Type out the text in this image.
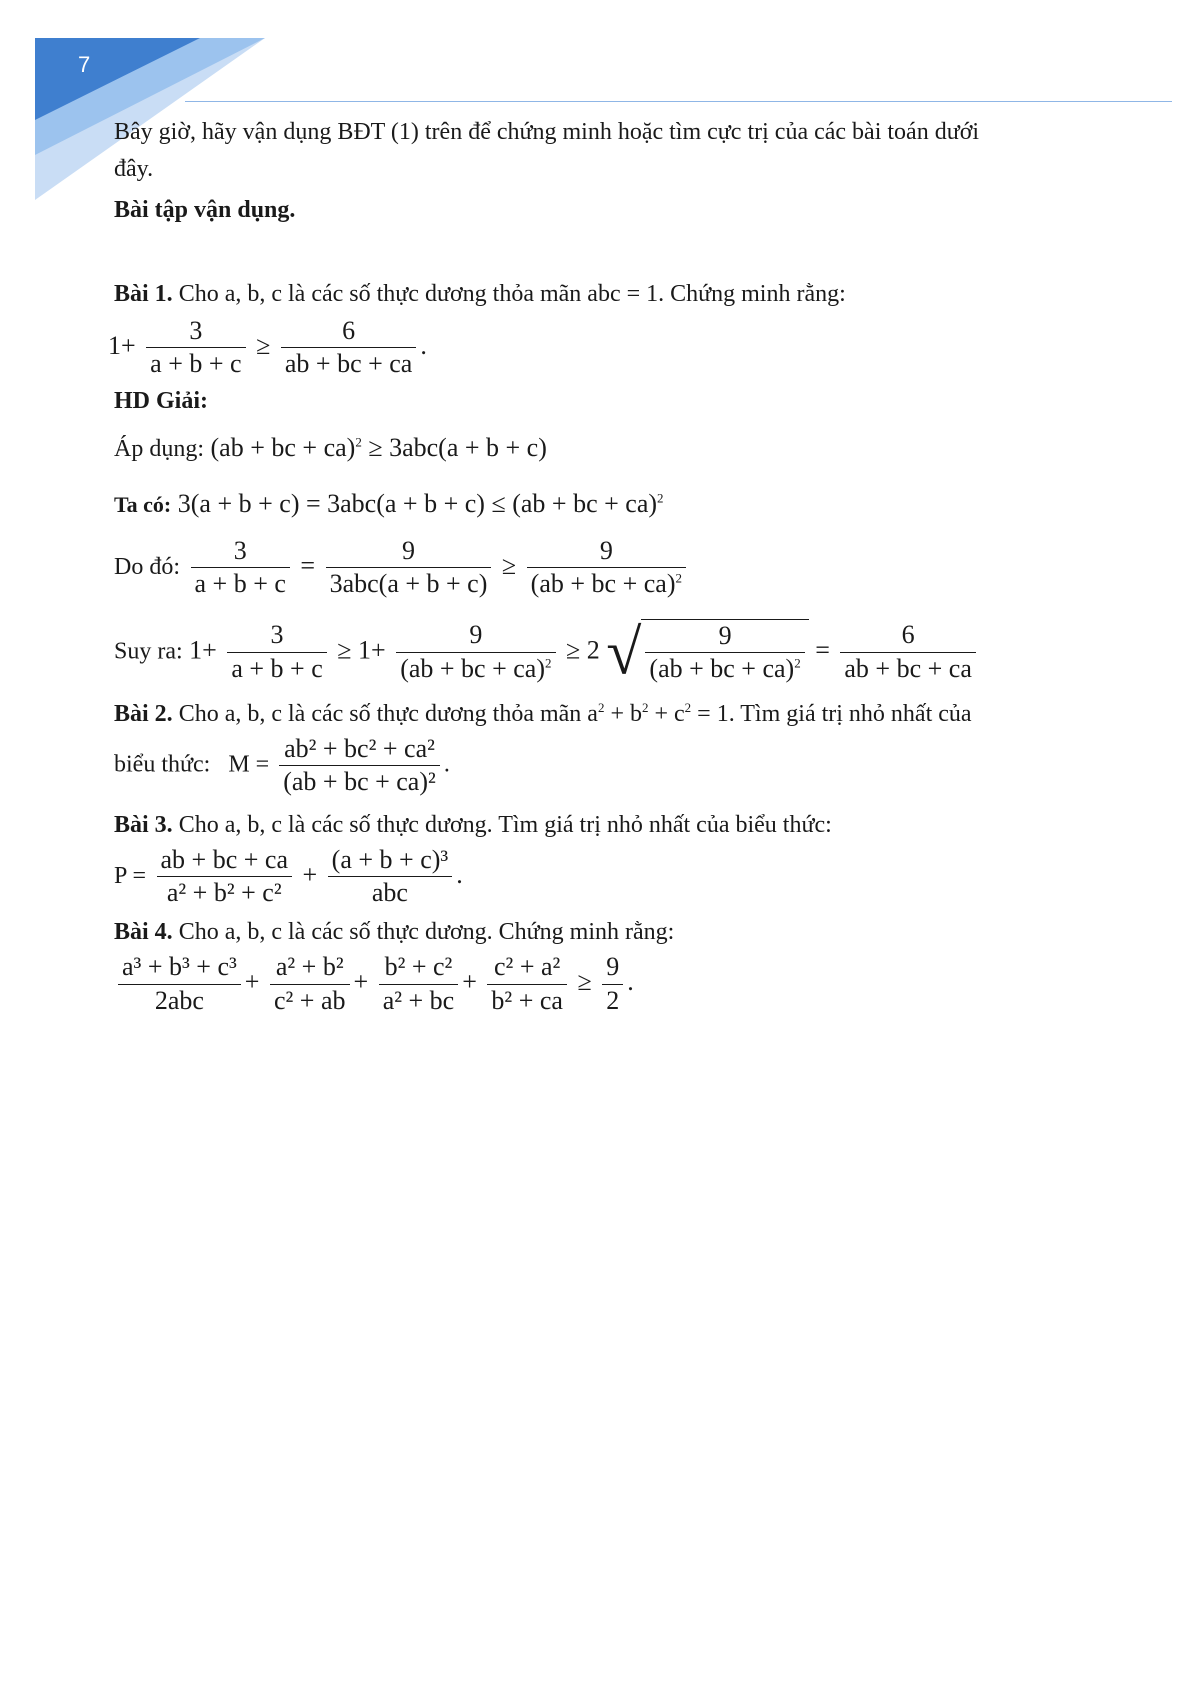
7

Bây giờ, hãy vận dụng BĐT (1) trên để chứng minh hoặc tìm cực trị của các bài toán dưới

đây.

Bài tập vận dụng.

Bài 1. Cho a, b, c là các số thực dương thỏa mãn abc = 1. Chứng minh rằng:

$1+ \frac{3}{a + b + c} \ge \frac{6}{ab + bc + ca}$ .

HD Giải:

Áp dụng: (ab + bc + ca)$^2$ ≥ 3abc(a + b + c)
Ta có: 3(a + b + c) = 3abc(a + b + c) ≤ (ab + bc + ca)$^2$
Do đó: $\frac{3}{a + b + c} = \frac{9}{\text{3abc(a + b + c)}} \ge \frac{9}{(ab + bc + ca)^2}$
Suy ra: $1+ \frac{3}{a + b + c} \ge 1+ \frac{9}{(ab + bc + ca)^2} \ge 2$ √ $\frac{9}{(ab + bc + ca)^2} = \frac{6}{ab + bc + ca}$

Bài 2. Cho a, b, c là các số thực dương thỏa mãn $a^2 + b^2 + c^2 = 1$. Tìm giá trị nhỏ nhất của

biểu thức: $M = \frac{\text{ab² + bc² + ca²}}{\text{(ab + bc + ca)²}}$ .

Bài 3. Cho a, b, c là các số thực dương. Tìm giá trị nhỏ nhất của biểu thức:

$P = \frac{ab + bc + ca}{\text{a² + b² + c²}} + \frac{\text{(a + b + c)³}}{\text{abc}}$ .

Bài 4. Cho a, b, c là các số thực dương. Chứng minh rằng:

$\frac{\text{a³ + b³ + c³}}{\text{2abc}} + \frac{\text{a² + b²}}{\text{c² + ab}} + \frac{\text{b² + c²}}{\text{a² + bc}} + \frac{\text{c² + a²}}{\text{b² + ca}} \ge \frac{9}{2}$ .
